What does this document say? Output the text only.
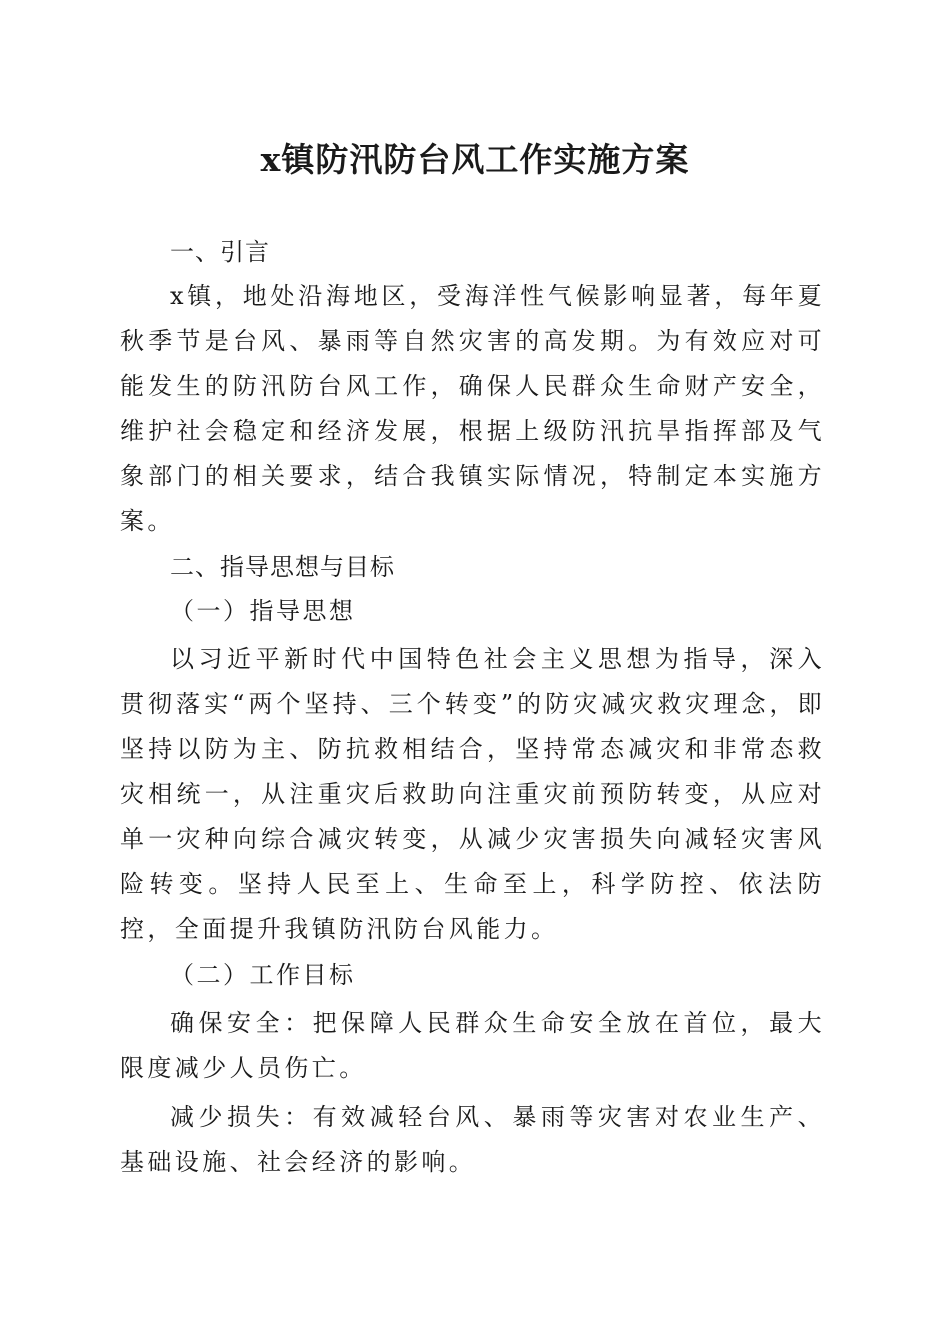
x镇防汛防台风工作实施方案

一、引言

x镇，地处沿海地区，受海洋性气候影响显著，每年夏秋季节是台风、暴雨等自然灾害的高发期。为有效应对可能发生的防汛防台风工作，确保人民群众生命财产安全，维护社会稳定和经济发展，根据上级防汛抗旱指挥部及气象部门的相关要求，结合我镇实际情况，特制定本实施方案。

二、指导思想与目标

（一）指导思想

以习近平新时代中国特色社会主义思想为指导，深入贯彻落实“两个坚持、三个转变”的防灾减灾救灾理念，即坚持以防为主、防抗救相结合，坚持常态减灾和非常态救灾相统一，从注重灾后救助向注重灾前预防转变，从应对单一灾种向综合减灾转变，从减少灾害损失向减轻灾害风险转变。坚持人民至上、生命至上，科学防控、依法防控，全面提升我镇防汛防台风能力。

（二）工作目标

确保安全：把保障人民群众生命安全放在首位，最大限度减少人员伤亡。

减少损失：有效减轻台风、暴雨等灾害对农业生产、基础设施、社会经济的影响。
